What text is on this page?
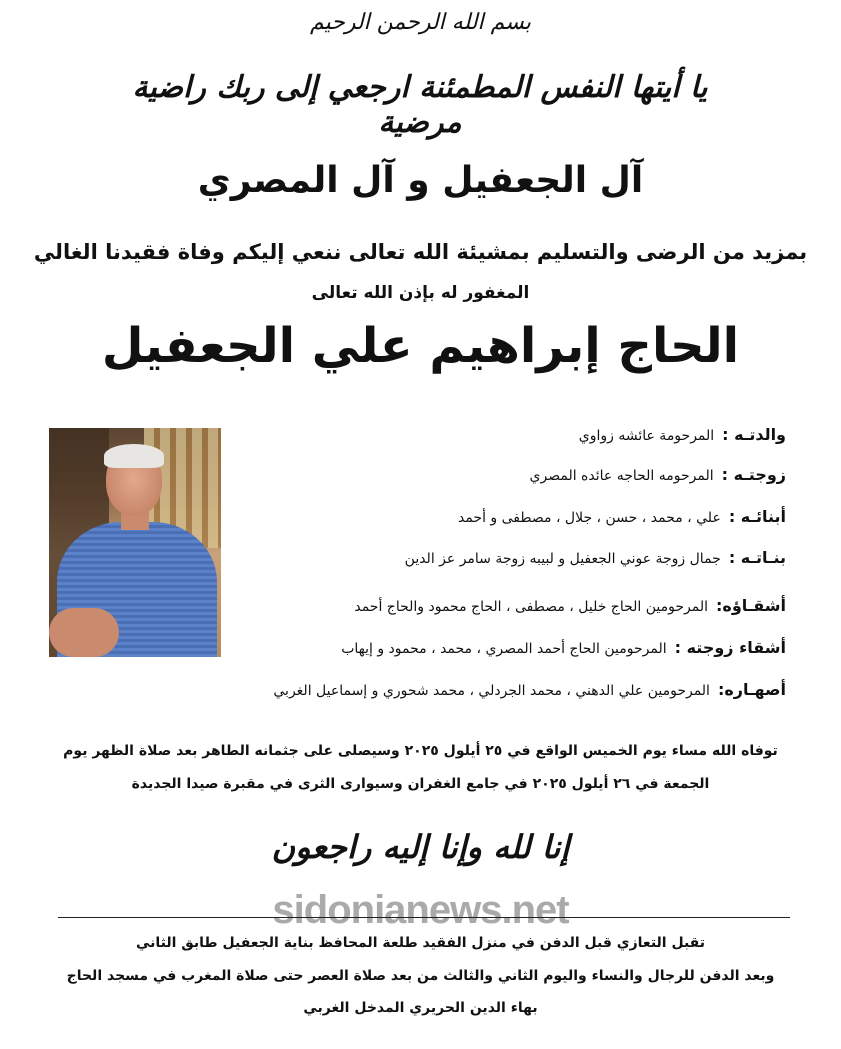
بسم الله الرحمن الرحيم
يا أيتها النفس المطمئنة ارجعي إلى ربك راضية مرضية
آل الجعفيل و آل المصري
بمزيد من الرضى والتسليم بمشيئة الله تعالى ننعي إليكم وفاة فقيدنا الغالي
المغفور له بإذن الله تعالى
الحاج إبراهيم علي الجعفيل
والدتـه :
المرحومة عائشه زواوي
زوجتـه :
المرحومه الحاجه عائده المصري
أبنائـه :
علي ، محمد ، حسن ، جلال ، مصطفى و أحمد
بنـاتـه :
جمال زوجة عوني الجعفيل و لبيبه زوجة سامر عز الدين
أشقـاؤه:
المرحومين الحاج خليل ، مصطفى ، الحاج محمود والحاج أحمد
أشقاء زوجته :
المرحومين الحاج أحمد المصري ، محمد ، محمود و إيهاب
أصهـاره:
المرحومين علي الدهني ، محمد الجردلي ، محمد شحوري و إسماعيل الغربي
توفاه الله مساء يوم الخميس الواقع في ٢٥ أيلول ٢٠٢٥ وسيصلى على جثمانه الطاهر بعد صلاة الظهر يوم
الجمعة في ٢٦ أيلول ٢٠٢٥ في جامع الغفران وسيوارى الثرى في مقبرة صيدا الجديدة
إنا لله وإنا إليه راجعون
sidonianews.net
تقبل التعازي قبل الدفن في منزل الفقيد طلعة المحافظ بناية الجعفيل طابق الثاني
وبعد الدفن للرجال والنساء واليوم الثاني والثالث من بعد صلاة العصر حتى صلاة المغرب في مسجد الحاج
بهاء الدين الحريري المدخل الغربي
